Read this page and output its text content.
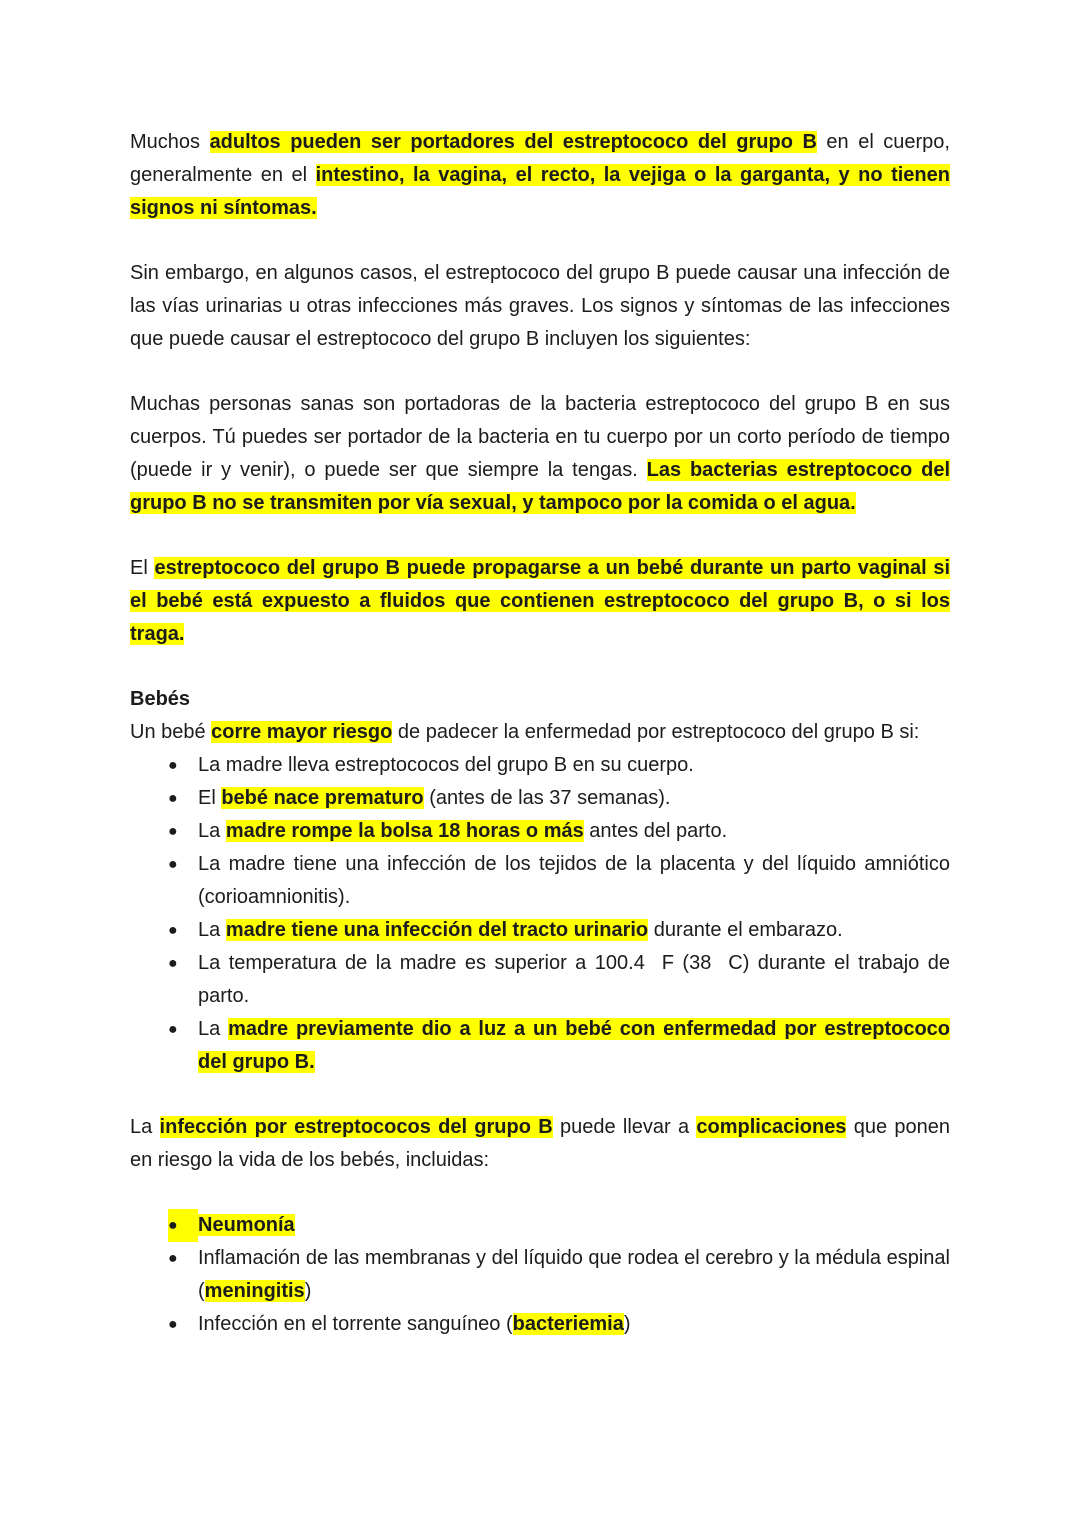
Muchos adultos pueden ser portadores del estreptococo del grupo B en el cuerpo, generalmente en el intestino, la vagina, el recto, la vejiga o la garganta, y no tienen signos ni síntomas.

Sin embargo, en algunos casos, el estreptococo del grupo B puede causar una infección de las vías urinarias u otras infecciones más graves. Los signos y síntomas de las infecciones que puede causar el estreptococo del grupo B incluyen los siguientes:

Muchas personas sanas son portadoras de la bacteria estreptococo del grupo B en sus cuerpos. Tú puedes ser portador de la bacteria en tu cuerpo por un corto período de tiempo (puede ir y venir), o puede ser que siempre la tengas. Las bacterias estreptococo del grupo B no se transmiten por vía sexual, y tampoco por la comida o el agua.

El estreptococo del grupo B puede propagarse a un bebé durante un parto vaginal si el bebé está expuesto a fluidos que contienen estreptococo del grupo B, o si los traga.

Bebés

Un bebé corre mayor riesgo de padecer la enfermedad por estreptococo del grupo B si:

●	La madre lleva estreptococos del grupo B en su cuerpo.
●	El bebé nace prematuro (antes de las 37 semanas).
●	La madre rompe la bolsa 18 horas o más antes del parto.
●	La madre tiene una infección de los tejidos de la placenta y del líquido amniótico (corioamnionitis).
●	La madre tiene una infección del tracto urinario durante el embarazo.
●	La temperatura de la madre es superior a 100.4  F (38  C) durante el trabajo de parto.
●	La madre previamente dio a luz a un bebé con enfermedad por estreptococo del grupo B.

La infección por estreptococos del grupo B puede llevar a complicaciones que ponen en riesgo la vida de los bebés, incluidas:

●	Neumonía
●	Inflamación de las membranas y del líquido que rodea el cerebro y la médula espinal (meningitis)
●	Infección en el torrente sanguíneo (bacteriemia)
